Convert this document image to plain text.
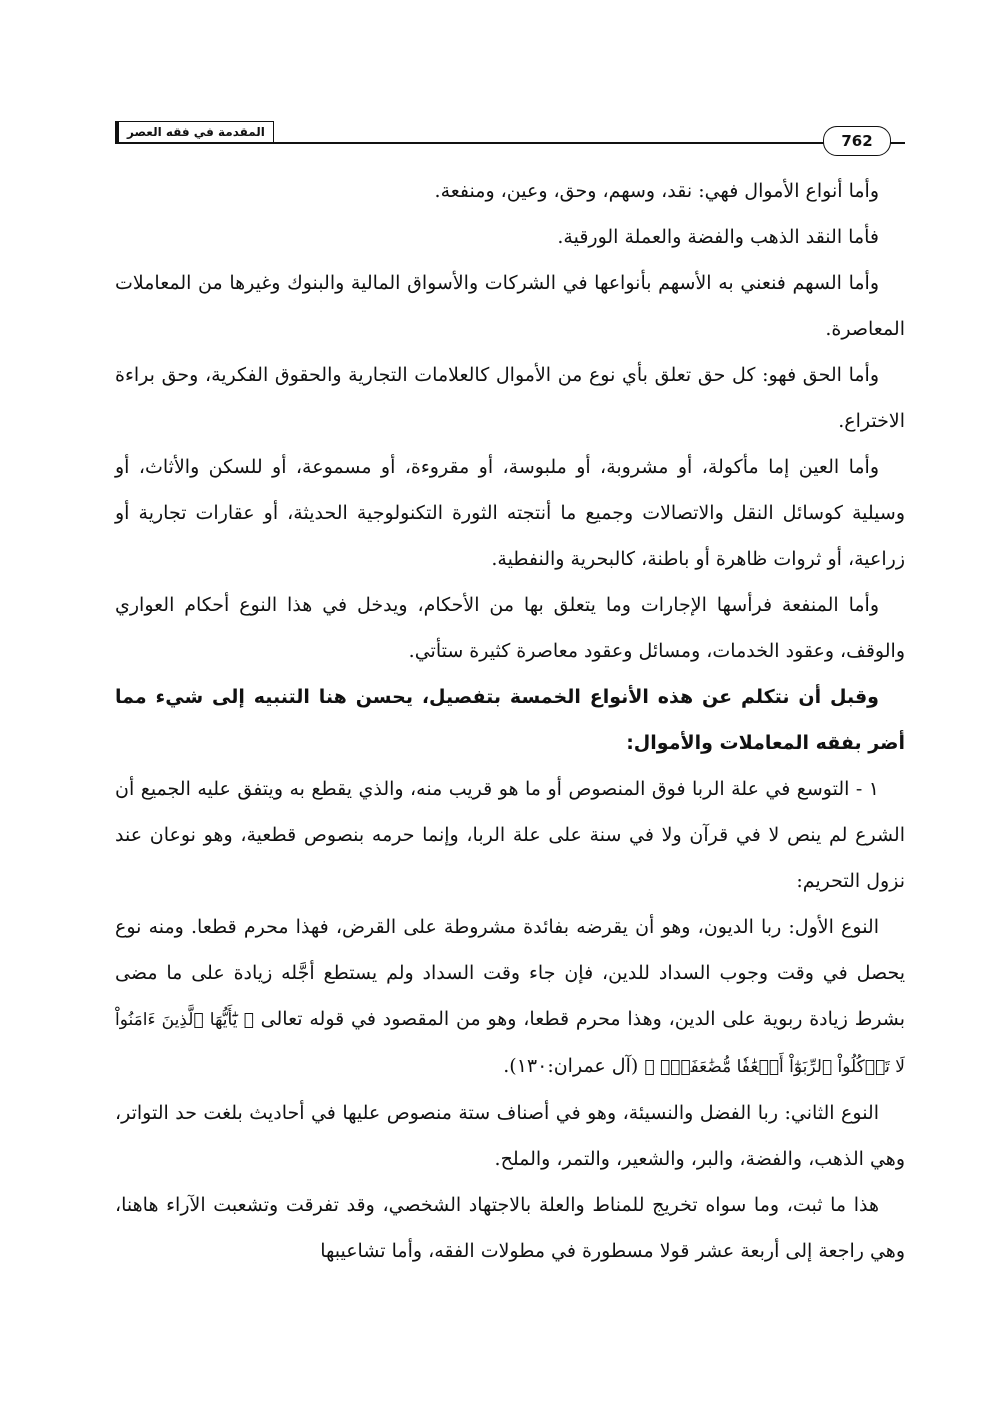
المقدمة في فقه العصر	762

وأما أنواع الأموال فهي: نقد، وسهم، وحق، وعين، ومنفعة.

فأما النقد الذهب والفضة والعملة الورقية.

وأما السهم فنعني به الأسهم بأنواعها في الشركات والأسواق المالية والبنوك وغيرها من المعاملات المعاصرة.

وأما الحق فهو: كل حق تعلق بأي نوع من الأموال كالعلامات التجارية والحقوق الفكرية، وحق براءة الاختراع.

وأما العين إما مأكولة، أو مشروبة، أو ملبوسة، أو مقروءة، أو مسموعة، أو للسكن والأثاث، أو وسيلية كوسائل النقل والاتصالات وجميع ما أنتجته الثورة التكنولوجية الحديثة، أو عقارات تجارية أو زراعية، أو ثروات ظاهرة أو باطنة، كالبحرية والنفطية.

وأما المنفعة فرأسها الإجارات وما يتعلق بها من الأحكام، ويدخل في هذا النوع أحكام العواري والوقف، وعقود الخدمات، ومسائل وعقود معاصرة كثيرة ستأتي.

وقبل أن نتكلم عن هذه الأنواع الخمسة بتفصيل، يحسن هنا التنبيه إلى شيء مما أضر بفقه المعاملات والأموال:

١ - التوسع في علة الربا فوق المنصوص أو ما هو قريب منه، والذي يقطع به ويتفق عليه الجميع أن الشرع لم ينص لا في قرآن ولا في سنة على علة الربا، وإنما حرمه بنصوص قطعية، وهو نوعان عند نزول التحريم:

النوع الأول: ربا الديون، وهو أن يقرضه بفائدة مشروطة على القرض، فهذا محرم قطعا. ومنه نوع يحصل في وقت وجوب السداد للدين، فإن جاء وقت السداد ولم يستطع أجَّله زيادة على ما مضى بشرط زيادة ربوية على الدين، وهذا محرم قطعا، وهو من المقصود في قوله تعالى ﴿ يَٰٓأَيُّهَا ٱلَّذِينَ ءَامَنُواْ لَا تَأۡكُلُواْ ٱلرِّبَوٰٓاْ أَضۡعَٰفٗا مُّضَٰعَفَةٗۖ ﴾ (آل عمران:١٣٠).

النوع الثاني: ربا الفضل والنسيئة، وهو في أصناف ستة منصوص عليها في أحاديث بلغت حد التواتر، وهي الذهب، والفضة، والبر، والشعير، والتمر، والملح.

هذا ما ثبت، وما سواه تخريج للمناط والعلة بالاجتهاد الشخصي، وقد تفرقت وتشعبت الآراء هاهنا، وهي راجعة إلى أربعة عشر قولا مسطورة في مطولات الفقه، وأما تشاعيبها
